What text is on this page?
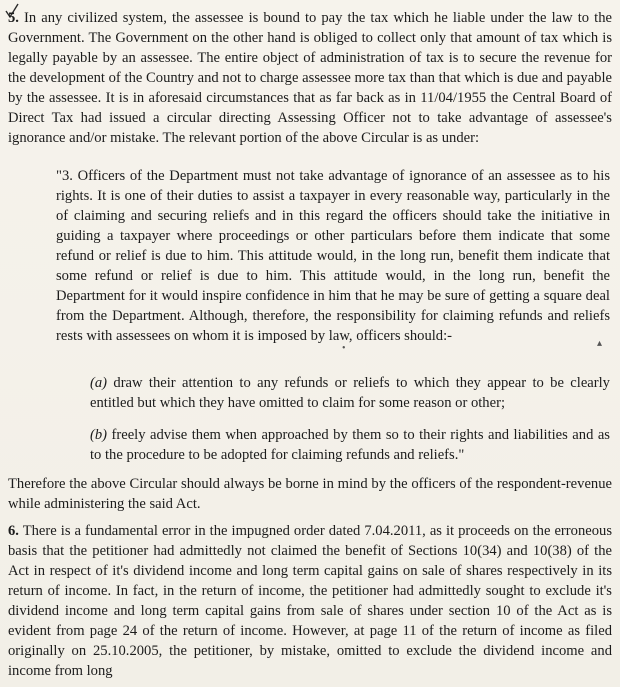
5. In any civilized system, the assessee is bound to pay the tax which he liable under the law to the Government. The Government on the other hand is obliged to collect only that amount of tax which is legally payable by an assessee. The entire object of administration of tax is to secure the revenue for the development of the Country and not to charge assessee more tax than that which is due and payable by the assessee. It is in aforesaid circumstances that as far back as in 11/04/1955 the Central Board of Direct Tax had issued a circular directing Assessing Officer not to take advantage of assessee's ignorance and/or mistake. The relevant portion of the above Circular is as under:

"3. Officers of the Department must not take advantage of ignorance of an assessee as to his rights. It is one of their duties to assist a taxpayer in every reasonable way, particularly in the of claiming and securing reliefs and in this regard the officers should take the initiative in guiding a taxpayer where proceedings or other particulars before them indicate that some refund or relief is due to him. This attitude would, in the long run, benefit them indicate that some refund or relief is due to him. This attitude would, in the long run, benefit the Department for it would inspire confidence in him that he may be sure of getting a square deal from the Department. Although, therefore, the responsibility for claiming refunds and reliefs rests with assessees on whom it is imposed by law, officers should:-

•	▴

(a) draw their attention to any refunds or reliefs to which they appear to be clearly entitled but which they have omitted to claim for some reason or other;

(b) freely advise them when approached by them so to their rights and liabilities and as to the procedure to be adopted for claiming refunds and reliefs."

Therefore the above Circular should always be borne in mind by the officers of the respondent-revenue while administering the said Act.

6. There is a fundamental error in the impugned order dated 7.04.2011, as it proceeds on the erroneous basis that the petitioner had admittedly not claimed the benefit of Sections 10(34) and 10(38) of the Act in respect of it's dividend income and long term capital gains on sale of shares respectively in its return of income. In fact, in the return of income, the petitioner had admittedly sought to exclude it's dividend income and long term capital gains from sale of shares under section 10 of the Act as is evident from page 24 of the return of income. However, at page 11 of the return of income as filed originally on 25.10.2005, the petitioner, by mistake, omitted to exclude the dividend income and income from long
